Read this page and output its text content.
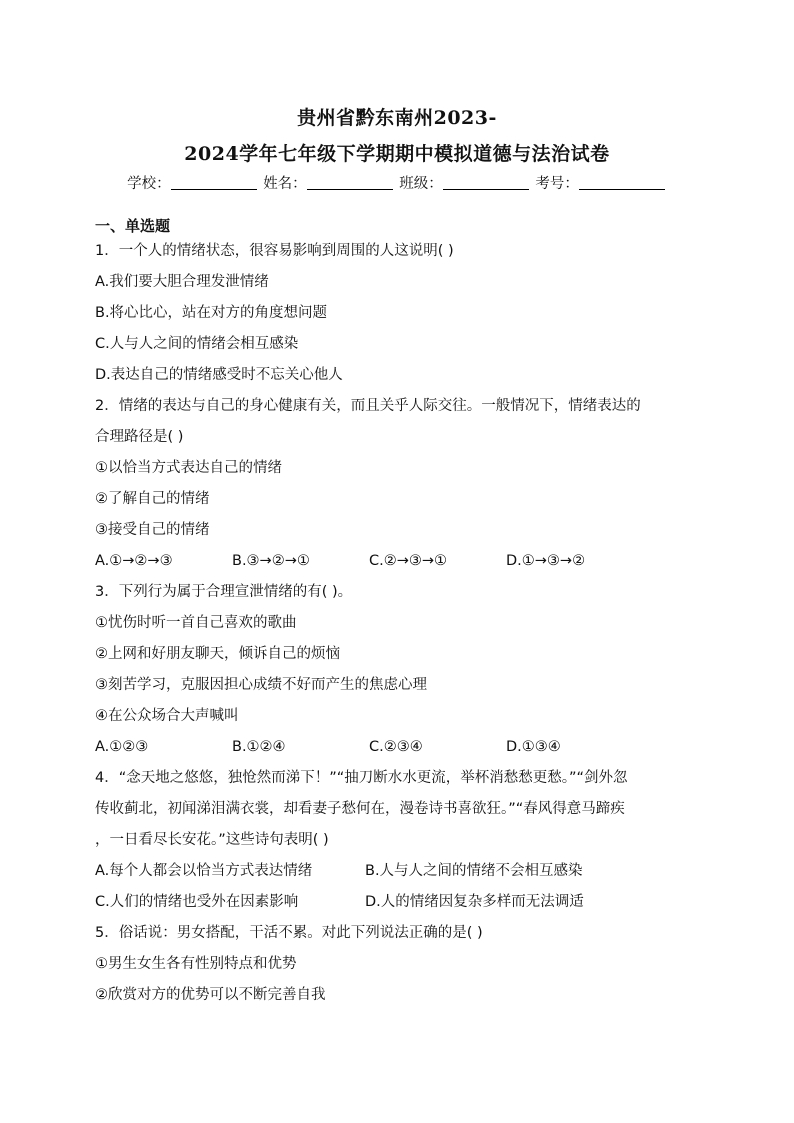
贵州省黔东南州2023-
2024学年七年级下学期期中模拟道德与法治试卷
学校：	姓名：	班级：	考号：
一、单选题
1．一个人的情绪状态，很容易影响到周围的人这说明( )
A.我们要大胆合理发泄情绪
B.将心比心，站在对方的角度想问题
C.人与人之间的情绪会相互感染
D.表达自己的情绪感受时不忘关心他人
2．情绪的表达与自己的身心健康有关，而且关乎人际交往。一般情况下，情绪表达的
合理路径是( )
①以恰当方式表达自己的情绪
②了解自己的情绪
③接受自己的情绪
A.①→②→③	B.③→②→①	C.②→③→①	D.①→③→②
3．下列行为属于合理宣泄情绪的有( )。
①忧伤时听一首自己喜欢的歌曲
②上网和好朋友聊天，倾诉自己的烦恼
③刻苦学习，克服因担心成绩不好而产生的焦虑心理
④在公众场合大声喊叫
A.①②③	B.①②④	C.②③④	D.①③④
4．“念天地之悠悠，独怆然而涕下！”“抽刀断水水更流，举杯消愁愁更愁。”“剑外忽
传收蓟北，初闻涕泪满衣裳，却看妻子愁何在，漫卷诗书喜欲狂。”“春风得意马蹄疾
，一日看尽长安花。”这些诗句表明( )
A.每个人都会以恰当方式表达情绪	B.人与人之间的情绪不会相互感染
C.人们的情绪也受外在因素影响	D.人的情绪因复杂多样而无法调适
5．俗话说：男女搭配，干活不累。对此下列说法正确的是( )
①男生女生各有性别特点和优势
②欣赏对方的优势可以不断完善自我
